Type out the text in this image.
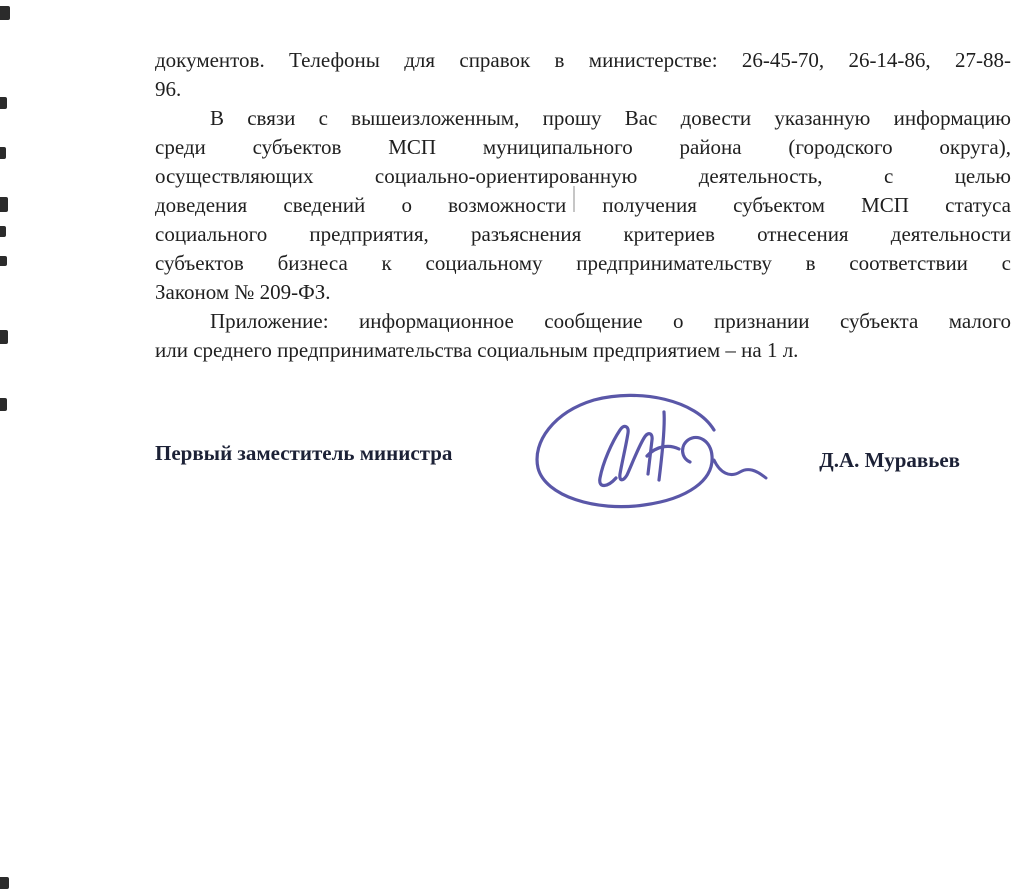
документов. Телефоны для справок в министерстве: 26-45-70, 26-14-86, 27-88-
96.
В связи с вышеизложенным, прошу Вас довести указанную информацию
среди субъектов МСП муниципального района (городского округа),
осуществляющих социально-ориентированную деятельность, с целью
доведения сведений о возможности получения субъектом МСП статуса
социального предприятия, разъяснения критериев отнесения деятельности
субъектов бизнеса к социальному предпринимательству в соответствии с
Законом № 209-ФЗ.
Приложение: информационное сообщение о признании субъекта малого
или среднего предпринимательства социальным предприятием – на 1 л.
Первый заместитель министра	Д.А. Муравьев
